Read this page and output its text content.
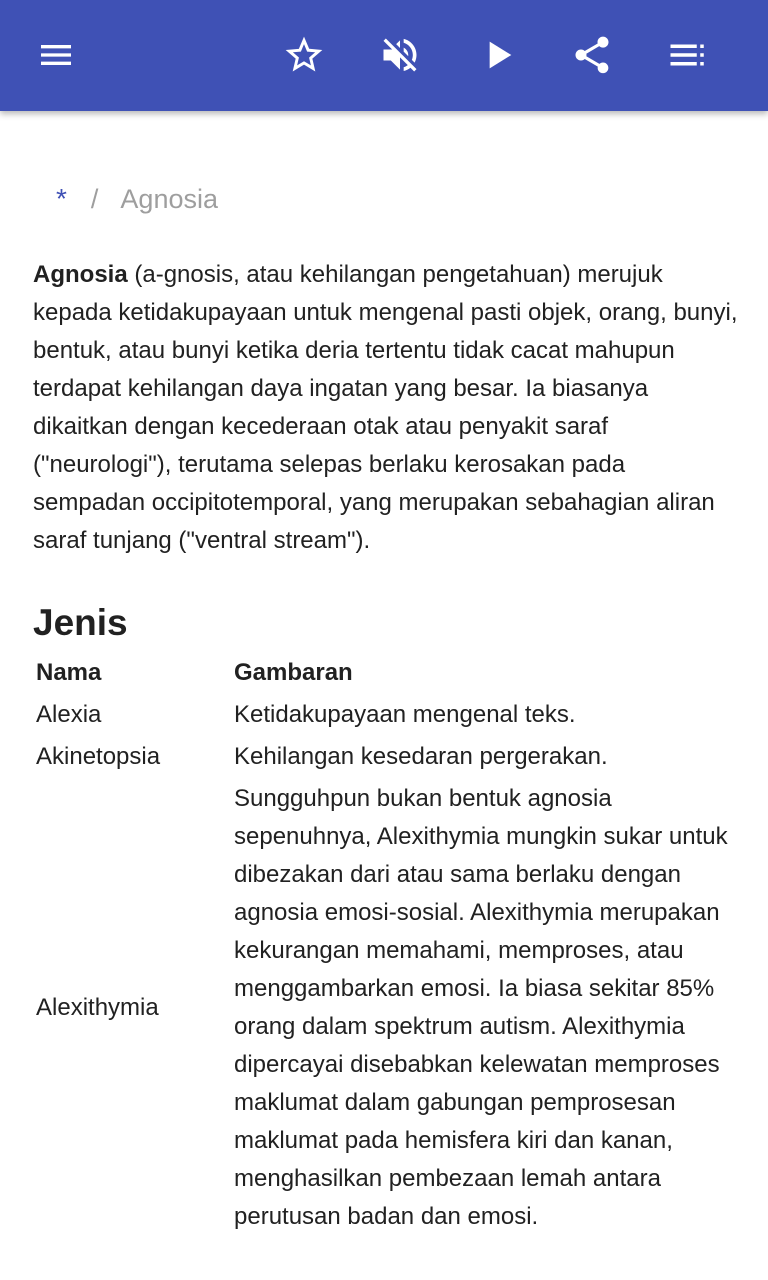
* / Agnosia

Agnosia (a-gnosis, atau kehilangan pengetahuan) merujuk kepada ketidakupayaan untuk mengenal pasti objek, orang, bunyi, bentuk, atau bunyi ketika deria tertentu tidak cacat mahupun terdapat kehilangan daya ingatan yang besar. Ia biasanya dikaitkan dengan kecederaan otak atau penyakit saraf ("neurologi"), terutama selepas berlaku kerosakan pada sempadan occipitotemporal, yang merupakan sebahagian aliran saraf tunjang ("ventral stream").

Jenis
Nama	Gambaran
Alexia	Ketidakupayaan mengenal teks.
Akinetopsia	Kehilangan kesedaran pergerakan.
Alexithymia	Sungguhpun bukan bentuk agnosia sepenuhnya, Alexithymia mungkin sukar untuk dibezakan dari atau sama berlaku dengan agnosia emosi-sosial. Alexithymia merupakan kekurangan memahami, memproses, atau menggambarkan emosi. Ia biasa sekitar 85% orang dalam spektrum autism. Alexithymia dipercayai disebabkan kelewatan memproses maklumat dalam gabungan pemprosesan maklumat pada hemisfera kiri dan kanan, menghasilkan pembezaan lemah antara perutusan badan dan emosi.
